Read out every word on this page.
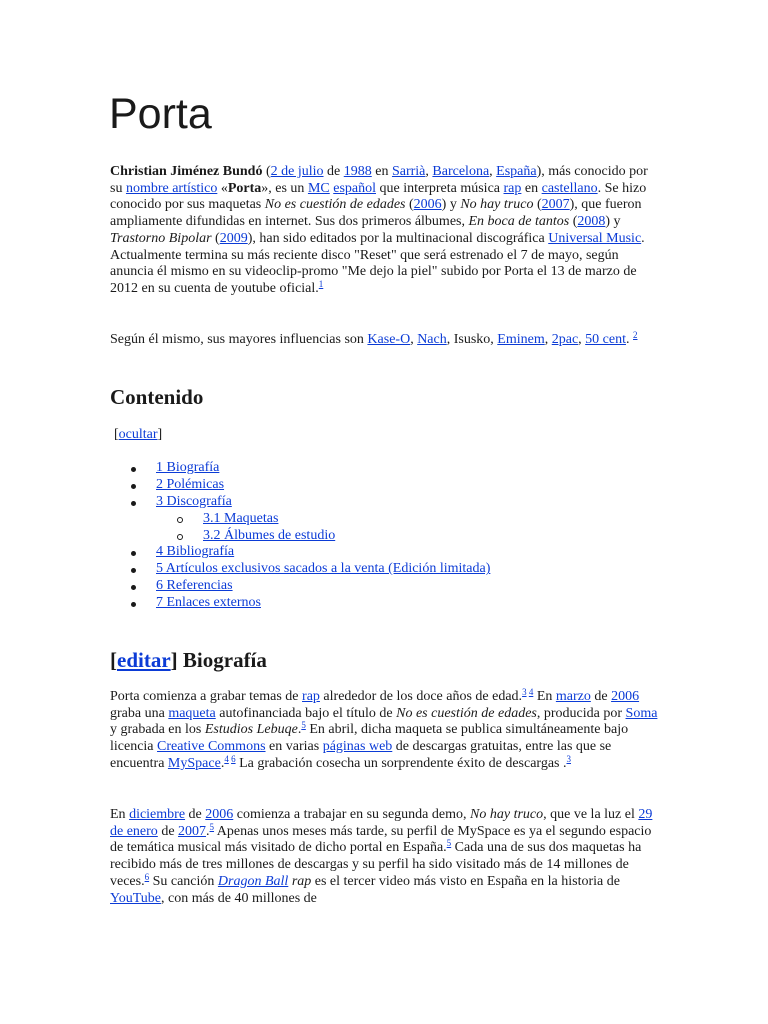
Porta

Christian Jiménez Bundó (2 de julio de 1988 en Sarrià, Barcelona, España), más conocido por su nombre artístico «Porta», es un MC español que interpreta música rap en castellano. Se hizo conocido por sus maquetas No es cuestión de edades (2006) y No hay truco (2007), que fueron ampliamente difundidas en internet. Sus dos primeros álbumes, En boca de tantos (2008) y Trastorno Bipolar (2009), han sido editados por la multinacional discográfica Universal Music. Actualmente termina su más reciente disco "Reset" que será estrenado el 7 de mayo, según anuncia él mismo en su videoclip-promo "Me dejo la piel" subido por Porta el 13 de marzo de 2012 en su cuenta de youtube oficial.$^1$

Según él mismo, sus mayores influencias son Kase-O, Nach, Isusko, Eminem, 2pac, 50 cent. $^2$

Contenido

[ocultar]

1 Biografía
2 Polémicas
3 Discografía
3.1 Maquetas
3.2 Álbumes de estudio
4 Bibliografía
5 Artículos exclusivos sacados a la venta (Edición limitada)
6 Referencias
7 Enlaces externos
[editar] Biografía

Porta comienza a grabar temas de rap alrededor de los doce años de edad.$^{3 4}$ En marzo de 2006 graba una maqueta autofinanciada bajo el título de No es cuestión de edades, producida por Soma y grabada en los Estudios Lebuqe.$^5$ En abril, dicha maqueta se publica simultáneamente bajo licencia Creative Commons en varias páginas web de descargas gratuitas, entre las que se encuentra MySpace.$^{4 6}$ La grabación cosecha un sorprendente éxito de descargas .$^3$

En diciembre de 2006 comienza a trabajar en su segunda demo, No hay truco, que ve la luz el 29 de enero de 2007.$^5$ Apenas unos meses más tarde, su perfil de MySpace es ya el segundo espacio de temática musical más visitado de dicho portal en España.$^5$ Cada una de sus dos maquetas ha recibido más de tres millones de descargas y su perfil ha sido visitado más de 14 millones de veces.$^6$ Su canción Dragon Ball rap es el tercer video más visto en España en la historia de YouTube, con más de 40 millones de
